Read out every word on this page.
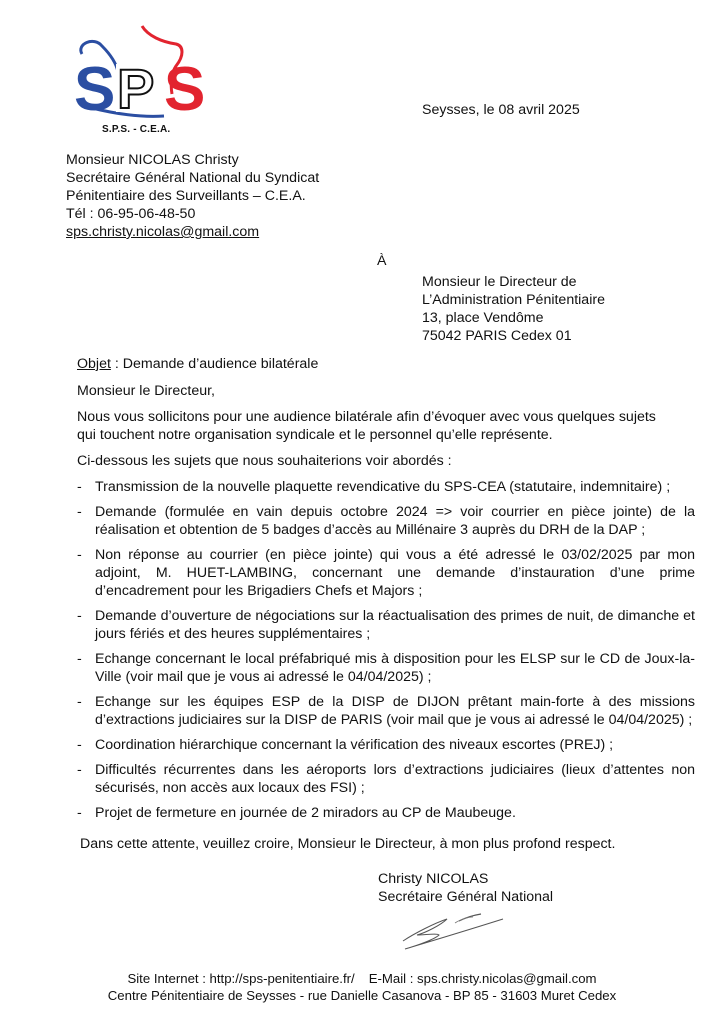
S P S
S.P.S. - C.E.A.
Seysses, le 08 avril 2025
Monsieur NICOLAS Christy
Secrétaire Général National du Syndicat
Pénitentiaire des Surveillants – C.E.A.
Tél : 06-95-06-48-50
sps.christy.nicolas@gmail.com
À
Monsieur le Directeur de
L’Administration Pénitentiaire
13, place Vendôme
75042 PARIS Cedex 01
Objet : Demande d’audience bilatérale
Monsieur le Directeur,
Nous vous sollicitons pour une audience bilatérale afin d’évoquer avec vous quelques sujets
qui touchent notre organisation syndicale et le personnel qu’elle représente.
Ci-dessous les sujets que nous souhaiterions voir abordés :
- Transmission de la nouvelle plaquette revendicative du SPS-CEA (statutaire, indemnitaire) ;
- Demande (formulée en vain depuis octobre 2024 => voir courrier en pièce jointe) de la réalisation et obtention de 5 badges d’accès au Millénaire 3 auprès du DRH de la DAP ;
- Non réponse au courrier (en pièce jointe) qui vous a été adressé le 03/02/2025 par mon adjoint, M. HUET-LAMBING, concernant une demande d’instauration d’une prime d’encadrement pour les Brigadiers Chefs et Majors ;
- Demande d’ouverture de négociations sur la réactualisation des primes de nuit, de dimanche et jours fériés et des heures supplémentaires ;
- Echange concernant le local préfabriqué mis à disposition pour les ELSP sur le CD de Joux-la-Ville (voir mail que je vous ai adressé le 04/04/2025) ;
- Echange sur les équipes ESP de la DISP de DIJON prêtant main-forte à des missions d’extractions judiciaires sur la DISP de PARIS (voir mail que je vous ai adressé le 04/04/2025) ;
- Coordination hiérarchique concernant la vérification des niveaux escortes (PREJ) ;
- Difficultés récurrentes dans les aéroports lors d’extractions judiciaires (lieux d’attentes non sécurisés, non accès aux locaux des FSI) ;
- Projet de fermeture en journée de 2 miradors au CP de Maubeuge.
Dans cette attente, veuillez croire, Monsieur le Directeur, à mon plus profond respect.
Christy NICOLAS
Secrétaire Général National
Site Internet : http://sps-penitentiaire.fr/ E-Mail : sps.christy.nicolas@gmail.com
Centre Pénitentiaire de Seysses - rue Danielle Casanova - BP 85 - 31603 Muret Cedex
